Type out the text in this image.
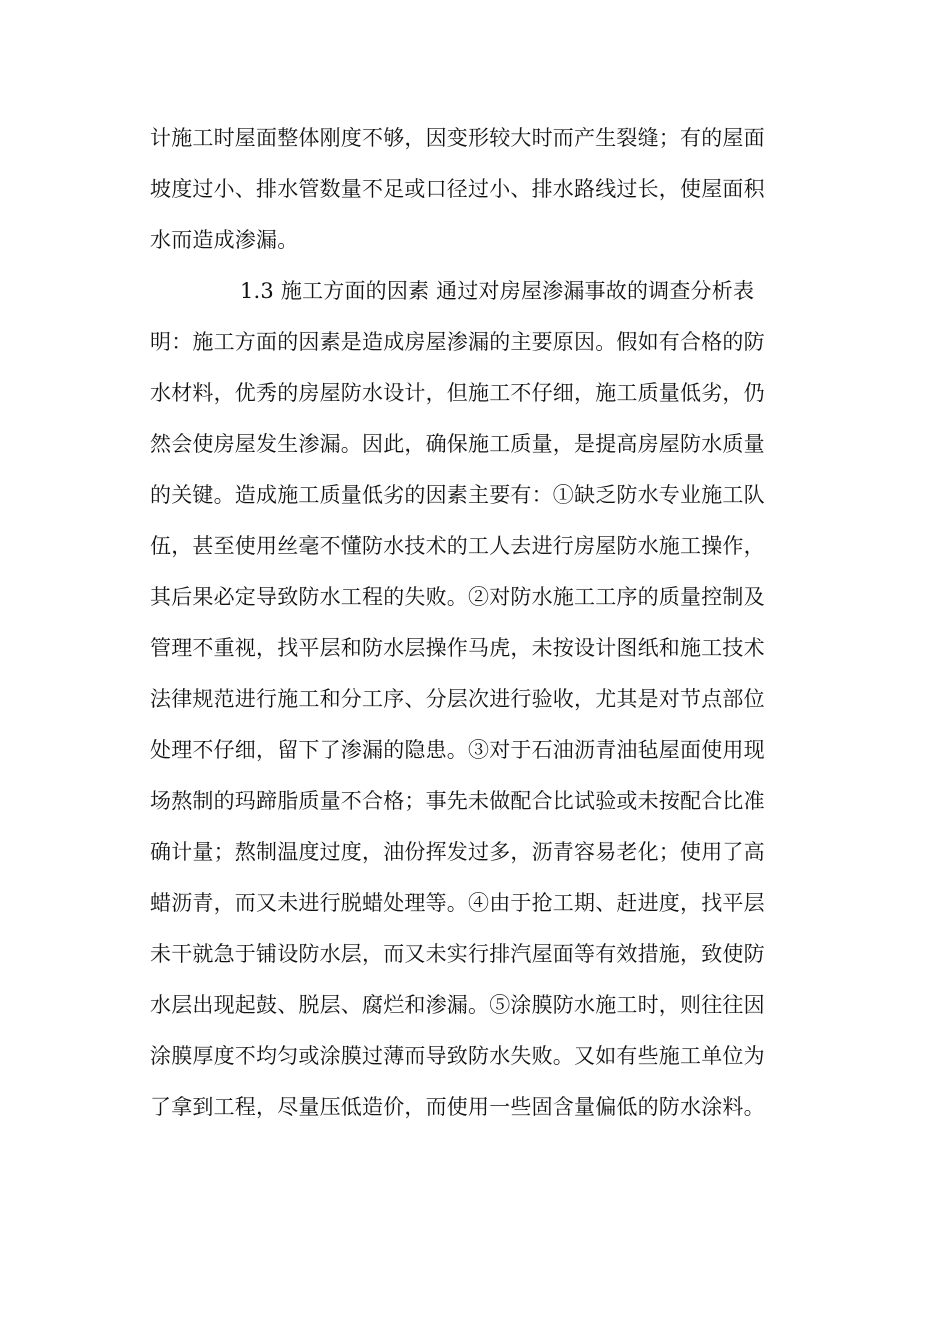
计施工时屋面整体刚度不够，因变形较大时而产生裂缝；有的屋面
坡度过小、排水管数量不足或口径过小、排水路线过长，使屋面积
水而造成渗漏。
1.3 施工方面的因素 通过对房屋渗漏事故的调查分析表
明：施工方面的因素是造成房屋渗漏的主要原因。假如有合格的防
水材料，优秀的房屋防水设计，但施工不仔细，施工质量低劣，仍
然会使房屋发生渗漏。因此，确保施工质量，是提高房屋防水质量
的关键。造成施工质量低劣的因素主要有：①缺乏防水专业施工队
伍，甚至使用丝毫不懂防水技术的工人去进行房屋防水施工操作，
其后果必定导致防水工程的失败。②对防水施工工序的质量控制及
管理不重视，找平层和防水层操作马虎，未按设计图纸和施工技术
法律规范进行施工和分工序、分层次进行验收，尤其是对节点部位
处理不仔细，留下了渗漏的隐患。③对于石油沥青油毡屋面使用现
场熬制的玛蹄脂质量不合格；事先未做配合比试验或未按配合比准
确计量；熬制温度过度，油份挥发过多，沥青容易老化；使用了高
蜡沥青，而又未进行脱蜡处理等。④由于抢工期、赶进度，找平层
未干就急于铺设防水层，而又未实行排汽屋面等有效措施，致使防
水层出现起鼓、脱层、腐烂和渗漏。⑤涂膜防水施工时，则往往因
涂膜厚度不均匀或涂膜过薄而导致防水失败。又如有些施工单位为
了拿到工程，尽量压低造价，而使用一些固含量偏低的防水涂料。
